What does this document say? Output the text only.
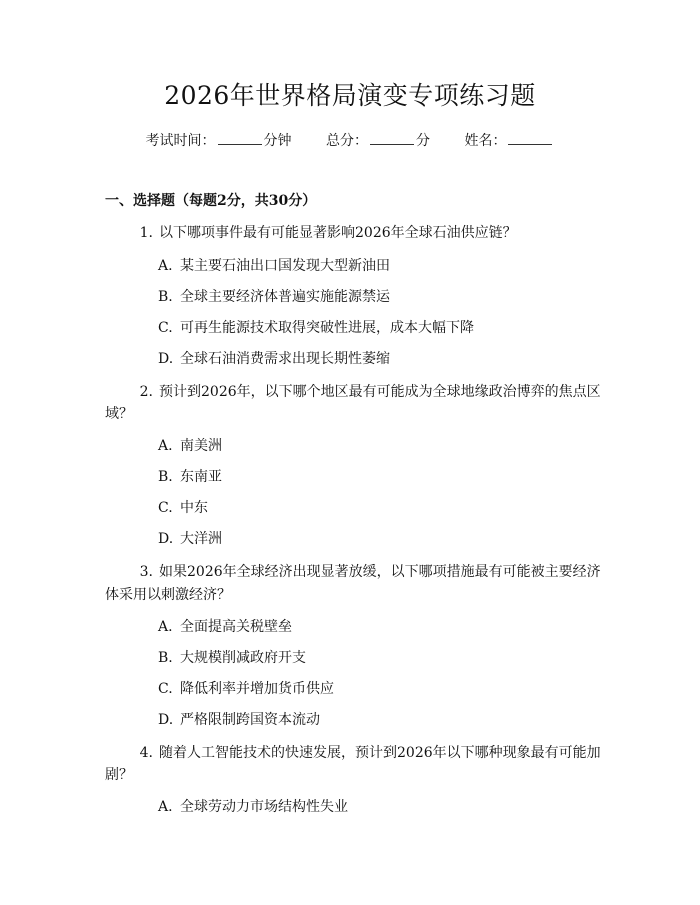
2026年世界格局演变专项练习题
考试时间：	分钟 总分：	分 姓名：
一、选择题（每题2分，共30分）
1. 以下哪项事件最有可能显著影响2026年全球石油供应链？
A. 某主要石油出口国发现大型新油田
B. 全球主要经济体普遍实施能源禁运
C. 可再生能源技术取得突破性进展，成本大幅下降
D. 全球石油消费需求出现长期性萎缩
2. 预计到2026年，以下哪个地区最有可能成为全球地缘政治博弈的焦点区
域？
A. 南美洲
B. 东南亚
C. 中东
D. 大洋洲
3. 如果2026年全球经济出现显著放缓，以下哪项措施最有可能被主要经济
体采用以刺激经济？
A. 全面提高关税壁垒
B. 大规模削减政府开支
C. 降低利率并增加货币供应
D. 严格限制跨国资本流动
4. 随着人工智能技术的快速发展，预计到2026年以下哪种现象最有可能加
剧？
A. 全球劳动力市场结构性失业
